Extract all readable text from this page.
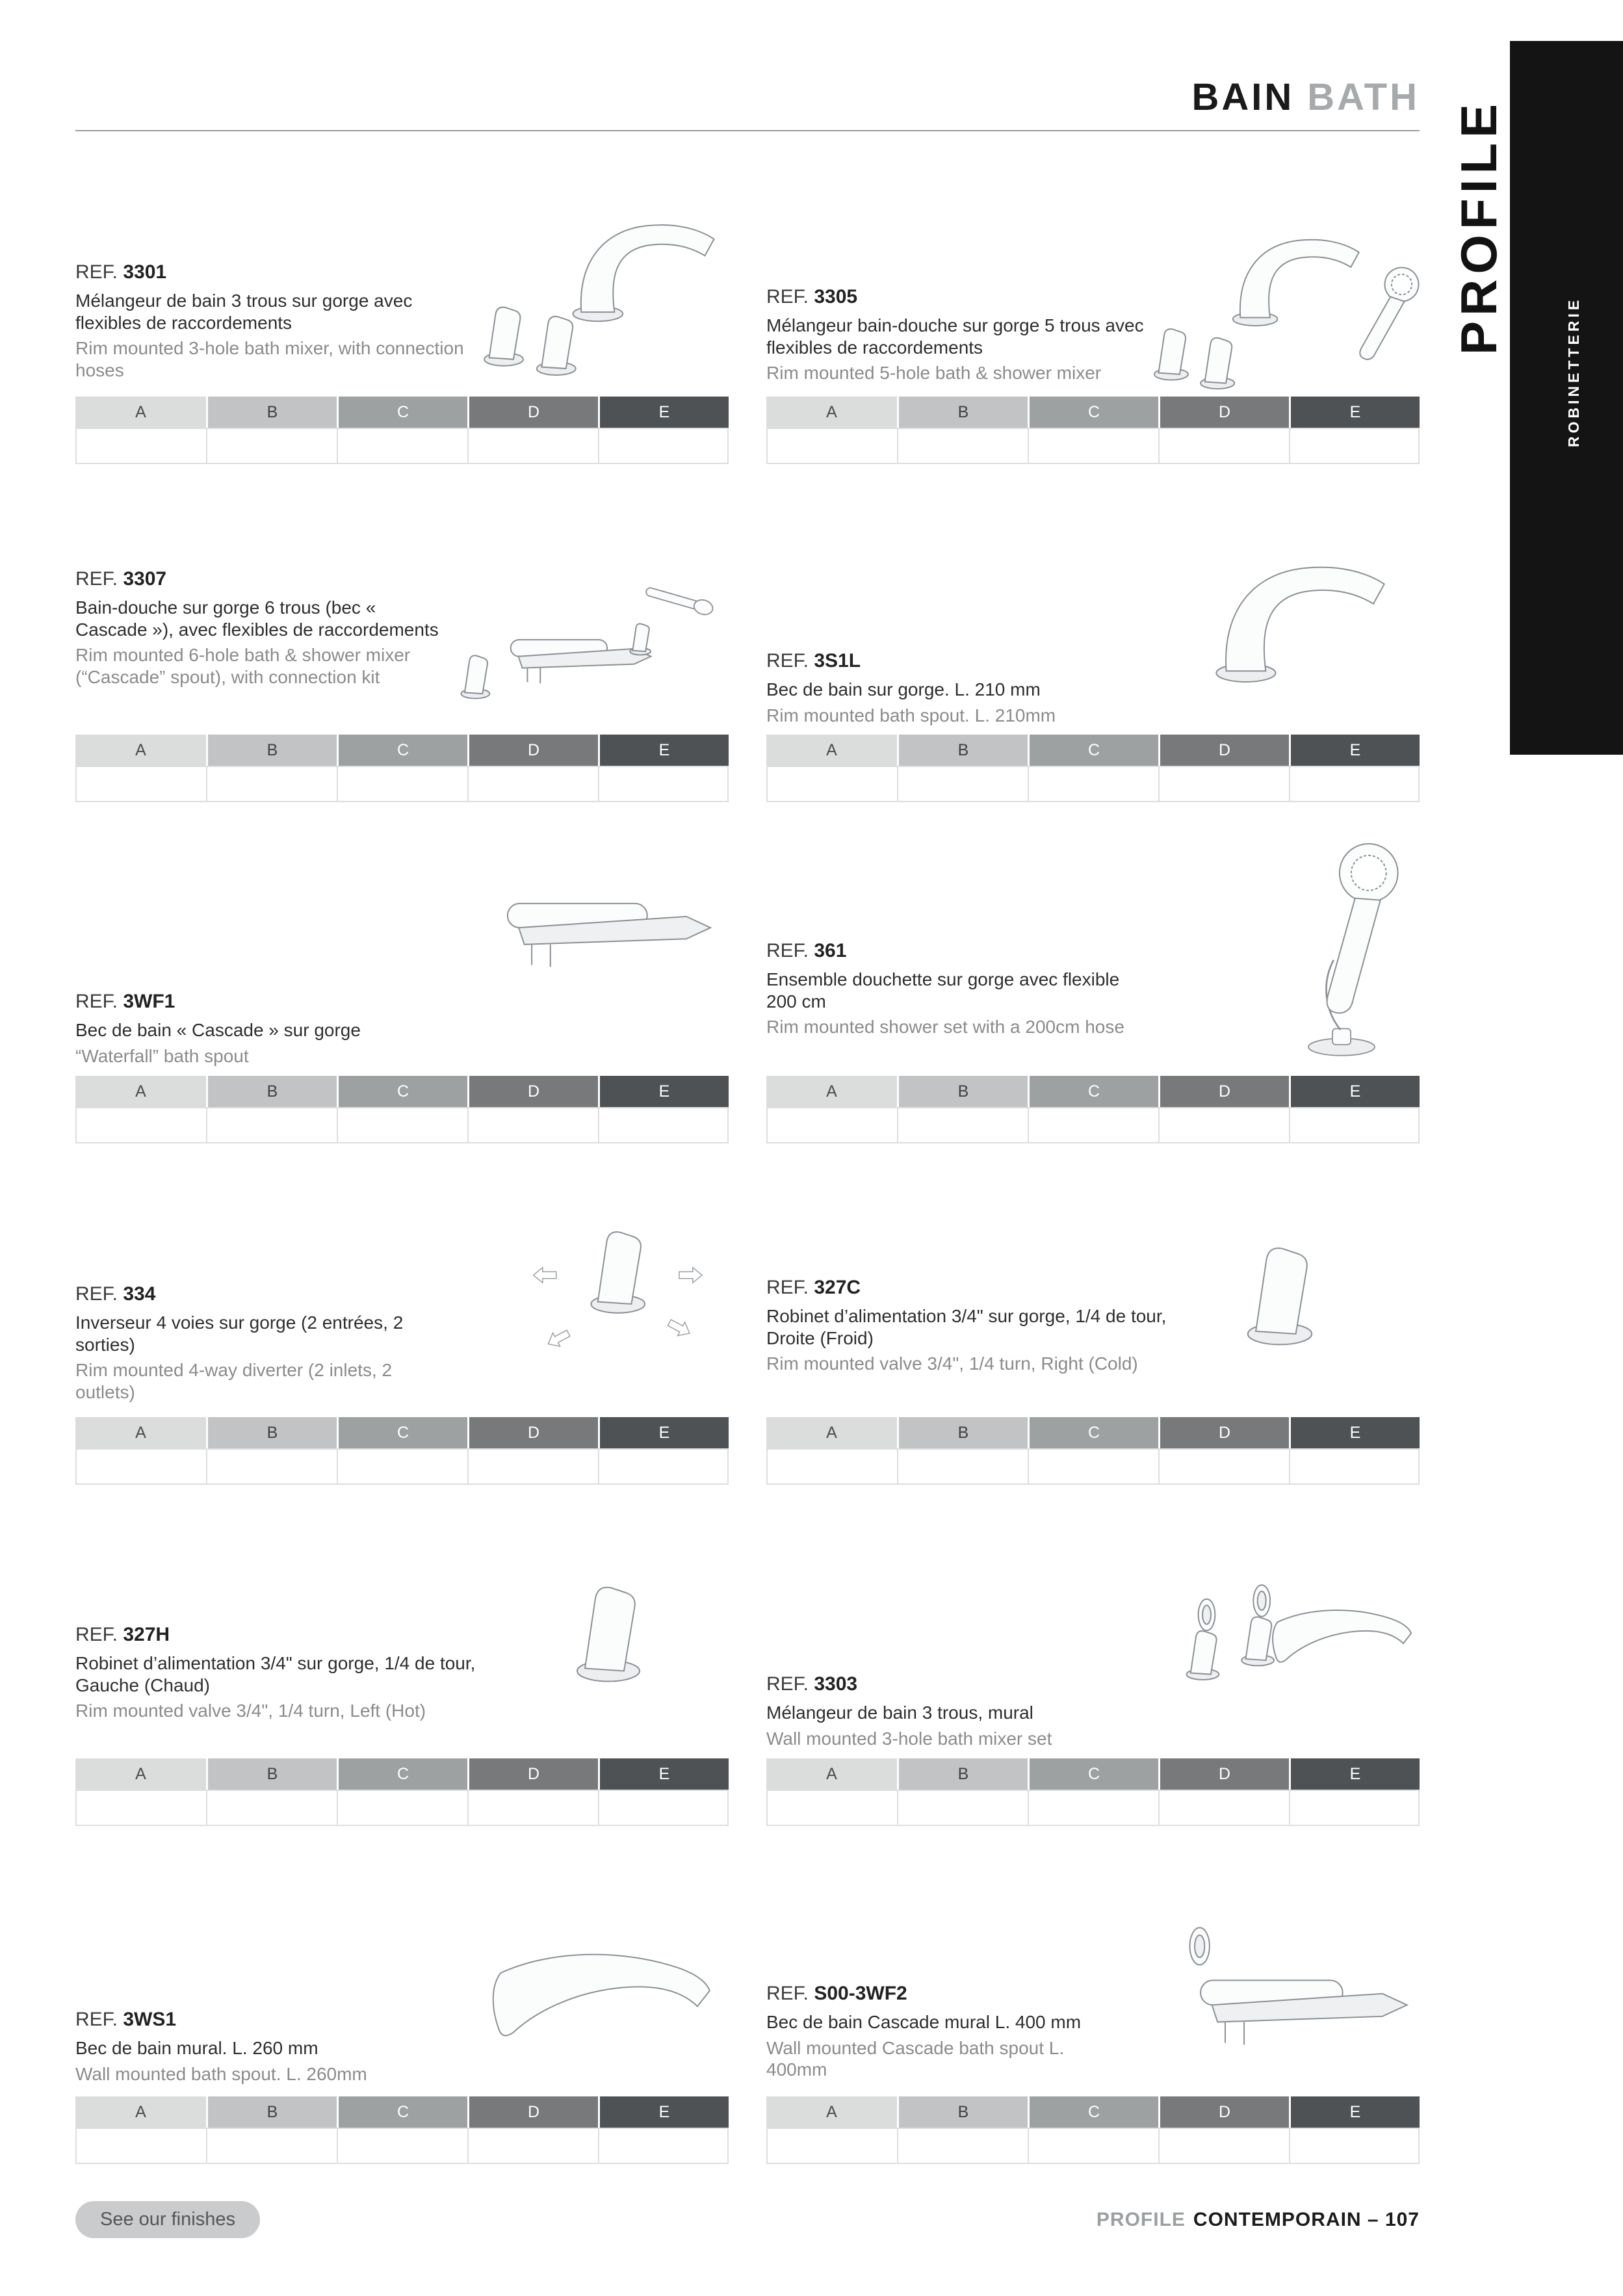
BAIN BATH
PROFILE
ROBINETTERIE

REF. 3301

Mélangeur de bain 3 trous sur gorge avec flexibles de raccordements

Rim mounted 3-hole bath mixer, with connection hoses

A	B	C	D	E

REF. 3305

Mélangeur bain-douche sur gorge 5 trous avec flexibles de raccordements

Rim mounted 5-hole bath & shower mixer

A	B	C	D	E

REF. 3307

Bain-douche sur gorge 6 trous (bec « Cascade »), avec flexibles de raccordements

Rim mounted 6-hole bath & shower mixer (“Cascade” spout), with connection kit

A	B	C	D	E

REF. 3S1L

Bec de bain sur gorge. L. 210 mm

Rim mounted bath spout. L. 210mm

A	B	C	D	E

REF. 3WF1

Bec de bain « Cascade » sur gorge

“Waterfall” bath spout

A	B	C	D	E

REF. 361

Ensemble douchette sur gorge avec flexible 200 cm

Rim mounted shower set with a 200cm hose

A	B	C	D	E

REF. 334

Inverseur 4 voies sur gorge (2 entrées, 2 sorties)

Rim mounted 4-way diverter (2 inlets, 2 outlets)

A	B	C	D	E

REF. 327C

Robinet d’alimentation 3/4" sur gorge, 1/4 de tour, Droite (Froid)

Rim mounted valve 3/4", 1/4 turn, Right (Cold)

A	B	C	D	E

REF. 327H

Robinet d’alimentation 3/4" sur gorge, 1/4 de tour, Gauche (Chaud)

Rim mounted valve 3/4", 1/4 turn, Left (Hot)

A	B	C	D	E

REF. 3303

Mélangeur de bain 3 trous, mural

Wall mounted 3-hole bath mixer set

A	B	C	D	E

REF. 3WS1

Bec de bain mural. L. 260 mm

Wall mounted bath spout. L. 260mm

A	B	C	D	E

REF. S00-3WF2

Bec de bain Cascade mural L. 400 mm

Wall mounted Cascade bath spout L. 400mm

A	B	C	D	E

See our finishes	PROFILE CONTEMPORAIN – 107
